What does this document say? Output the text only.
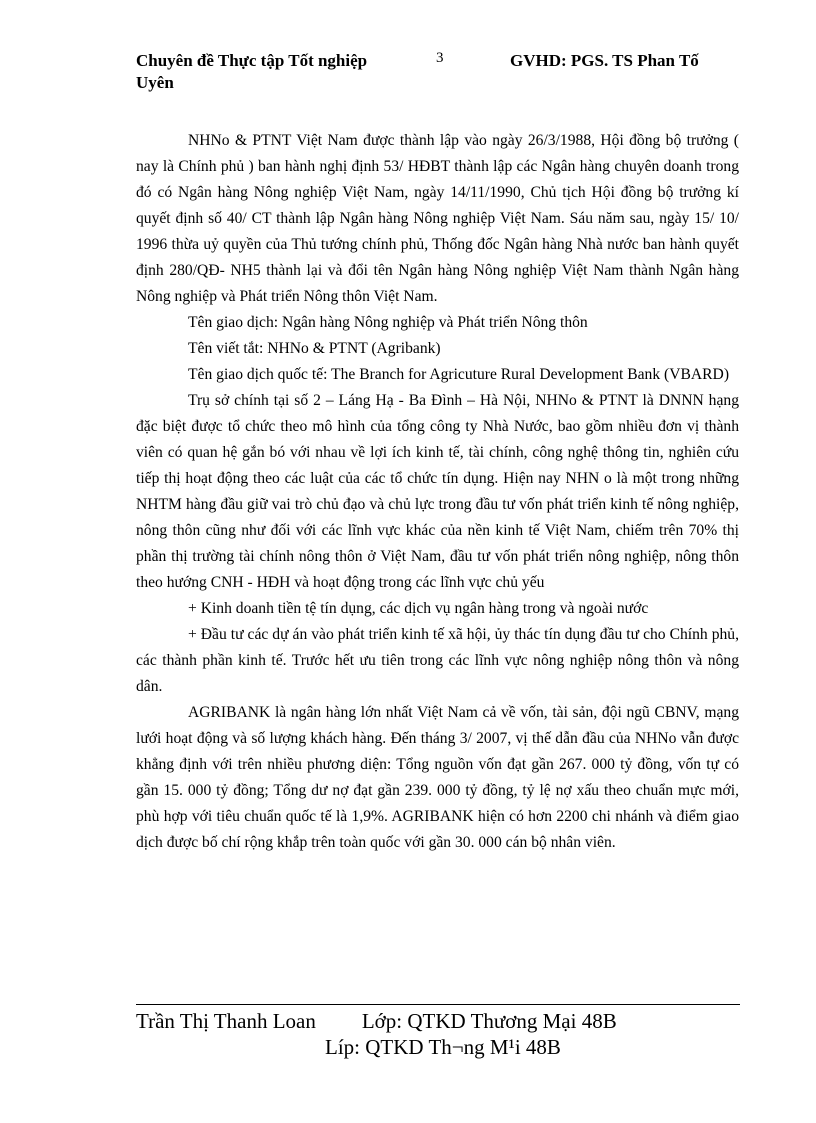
Chuyên đề Thực tập Tốt nghiệp Uyên
3	GVHD: PGS. TS Phan Tố

NHNo & PTNT Việt Nam được thành lập vào ngày 26/3/1988, Hội đồng bộ trưởng ( nay là Chính phủ ) ban hành nghị định 53/ HĐBT thành lập các Ngân hàng chuyên doanh trong đó có Ngân hàng Nông nghiệp Việt Nam, ngày 14/11/1990, Chủ tịch Hội đồng bộ trưởng kí quyết định số 40/ CT thành lập Ngân hàng Nông nghiệp Việt Nam. Sáu năm sau, ngày 15/ 10/ 1996 thừa uỷ quyền của Thủ tướng chính phủ, Thống đốc Ngân hàng Nhà nước ban hành quyết định 280/QĐ- NH5 thành lại và đổi tên Ngân hàng Nông nghiệp Việt Nam thành Ngân hàng Nông nghiệp và Phát triển Nông thôn Việt Nam.

Tên giao dịch: Ngân hàng Nông nghiệp và Phát triển Nông thôn

Tên viết tắt: NHNo & PTNT (Agribank)

Tên giao dịch quốc tế: The Branch for Agricuture Rural Development Bank (VBARD)

Trụ sở chính tại số 2 – Láng Hạ - Ba Đình – Hà Nội, NHNo & PTNT là DNNN hạng đặc biệt được tổ chức theo mô hình của tổng công ty Nhà Nước, bao gồm nhiều đơn vị thành viên có quan hệ gắn bó với nhau về lợi ích kinh tế, tài chính, công nghệ thông tin, nghiên cứu tiếp thị hoạt động theo các luật của các tổ chức tín dụng. Hiện nay NHN o là một trong những NHTM hàng đầu giữ vai trò chủ đạo và chủ lực trong đầu tư vốn phát triển kinh tế nông nghiệp, nông thôn cũng như đối với các lĩnh vực khác của nền kinh tế Việt Nam, chiếm trên 70% thị phần thị trường tài chính nông thôn ở Việt Nam, đầu tư vốn phát triển nông nghiệp, nông thôn theo hướng CNH - HĐH và hoạt động trong các lĩnh vực chủ yếu

+ Kinh doanh tiền tệ tín dụng, các dịch vụ ngân hàng trong và ngoài nước

+ Đầu tư các dự án vào phát triển kinh tế xã hội, ủy thác tín dụng đầu tư cho Chính phủ, các thành phần kinh tế. Trước hết ưu tiên trong các lĩnh vực nông nghiệp nông thôn và nông dân.

AGRIBANK là ngân hàng lớn nhất Việt Nam cả về vốn, tài sản, đội ngũ CBNV, mạng lưới hoạt động và số lượng khách hàng. Đến tháng 3/ 2007, vị thế dẫn đầu của NHNo vẫn được khẳng định với trên nhiều phương diện: Tổng nguồn vốn đạt gần 267. 000 tỷ đồng, vốn tự có gần 15. 000 tỷ đồng; Tổng dư nợ đạt gần 239. 000 tỷ đồng, tỷ lệ nợ xấu theo chuẩn mực mới, phù hợp với tiêu chuẩn quốc tế là 1,9%. AGRIBANK hiện có hơn 2200 chi nhánh và điểm giao dịch được bố chí rộng khắp trên toàn quốc với gần 30. 000 cán bộ nhân viên.

Trần Thị Thanh Loan Lớp: QTKD Thương Mại 48B
Líp: QTKD Th¬ng M¹i 48B
